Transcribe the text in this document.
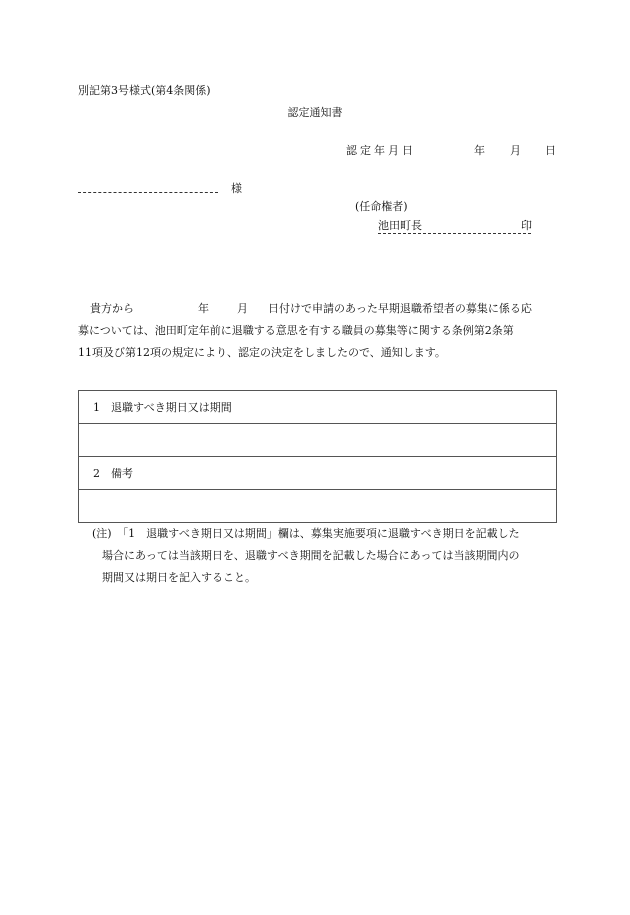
別記第3号様式(第4条関係)
認定通知書
認定年月日	年 月 日
様
(任命権者)
池田町長	印
貴方から	年	月 日付けで申請のあった早期退職希望者の募集に係る応
募については、池田町定年前に退職する意思を有する職員の募集等に関する条例第2条第
11項及び第12項の規定により、認定の決定をしましたので、通知します。
1　退職すべき期日又は期間

2　備考

(注)　「1　退職すべき期日又は期間」欄は、募集実施要項に退職すべき期日を記載した
場合にあっては当該期日を、退職すべき期間を記載した場合にあっては当該期間内の
期間又は期日を記入すること。
